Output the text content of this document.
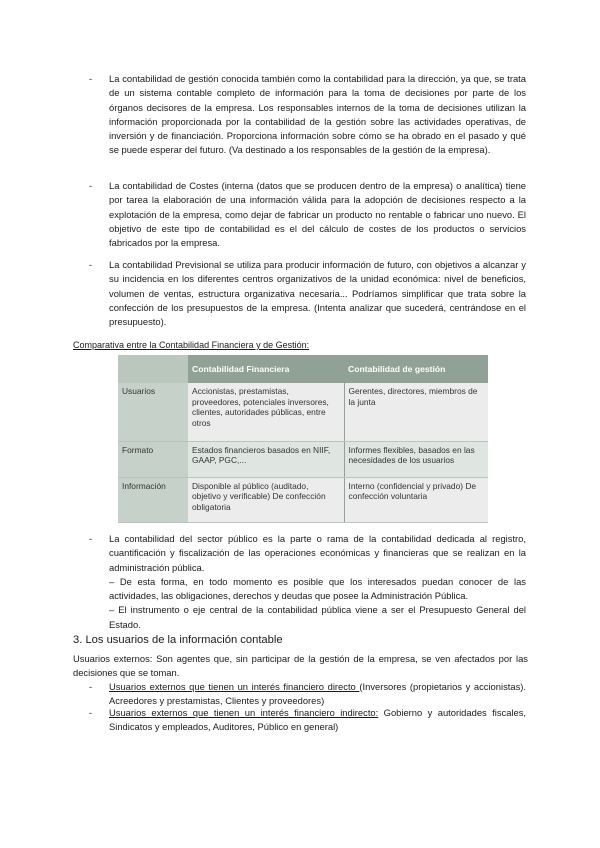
- La contabilidad de gestión conocida también como la contabilidad para la dirección, ya que, se trata de un sistema contable completo de información para la toma de decisiones por parte de los órganos decisores de la empresa. Los responsables internos de la toma de decisiones utilizan la información proporcionada por la contabilidad de la gestión sobre las actividades operativas, de inversión y de financiación. Proporciona información sobre cómo se ha obrado en el pasado y qué se puede esperar del futuro. (Va destinado a los responsables de la gestión de la empresa).
- La contabilidad de Costes (interna (datos que se producen dentro de la empresa) o analítica) tiene por tarea la elaboración de una información válida para la adopción de decisiones respecto a la explotación de la empresa, como dejar de fabricar un producto no rentable o fabricar uno nuevo. El objetivo de este tipo de contabilidad es el del cálculo de costes de los productos o servicios fabricados por la empresa.
- La contabilidad Previsional se utiliza para producir información de futuro, con objetivos a alcanzar y su incidencia en los diferentes centros organizativos de la unidad económica: nivel de beneficios, volumen de ventas, estructura organizativa necesaria... Podríamos simplificar que trata sobre la confección de los presupuestos de la empresa. (Intenta analizar que sucederá, centrándose en el presupuesto).
Comparativa entre la Contabilidad Financiera y de Gestión:
	Contabilidad Financiera	Contabilidad de gestión
Usuarios	Accionistas, prestamistas, proveedores, potenciales inversores, clientes, autoridades públicas, entre otros	Gerentes, directores, miembros de la junta
Formato	Estados financieros basados en NIIF, GAAP, PGC,...	Informes flexibles, basados en las necesidades de los usuarios
Información	Disponible al público (auditado, objetivo y verificable) De confección obligatoria	Interno (confidencial y privado) De confección voluntaria
- La contabilidad del sector público es la parte o rama de la contabilidad dedicada al registro, cuantificación y fiscalización de las operaciones económicas y financieras que se realizan en la administración pública.
– De esta forma, en todo momento es posible que los interesados puedan conocer de las actividades, las obligaciones, derechos y deudas que posee la Administración Pública.
– El instrumento o eje central de la contabilidad pública viene a ser el Presupuesto General del Estado.
3. Los usuarios de la información contable
Usuarios externos: Son agentes que, sin participar de la gestión de la empresa, se ven afectados por las decisiones que se toman.
- Usuarios externos que tienen un interés financiero directo (Inversores (propietarios y accionistas). Acreedores y prestamistas, Clientes y proveedores)
- Usuarios externos que tienen un interés financiero indirecto: Gobierno y autoridades fiscales, Sindicatos y empleados, Auditores, Público en general)
